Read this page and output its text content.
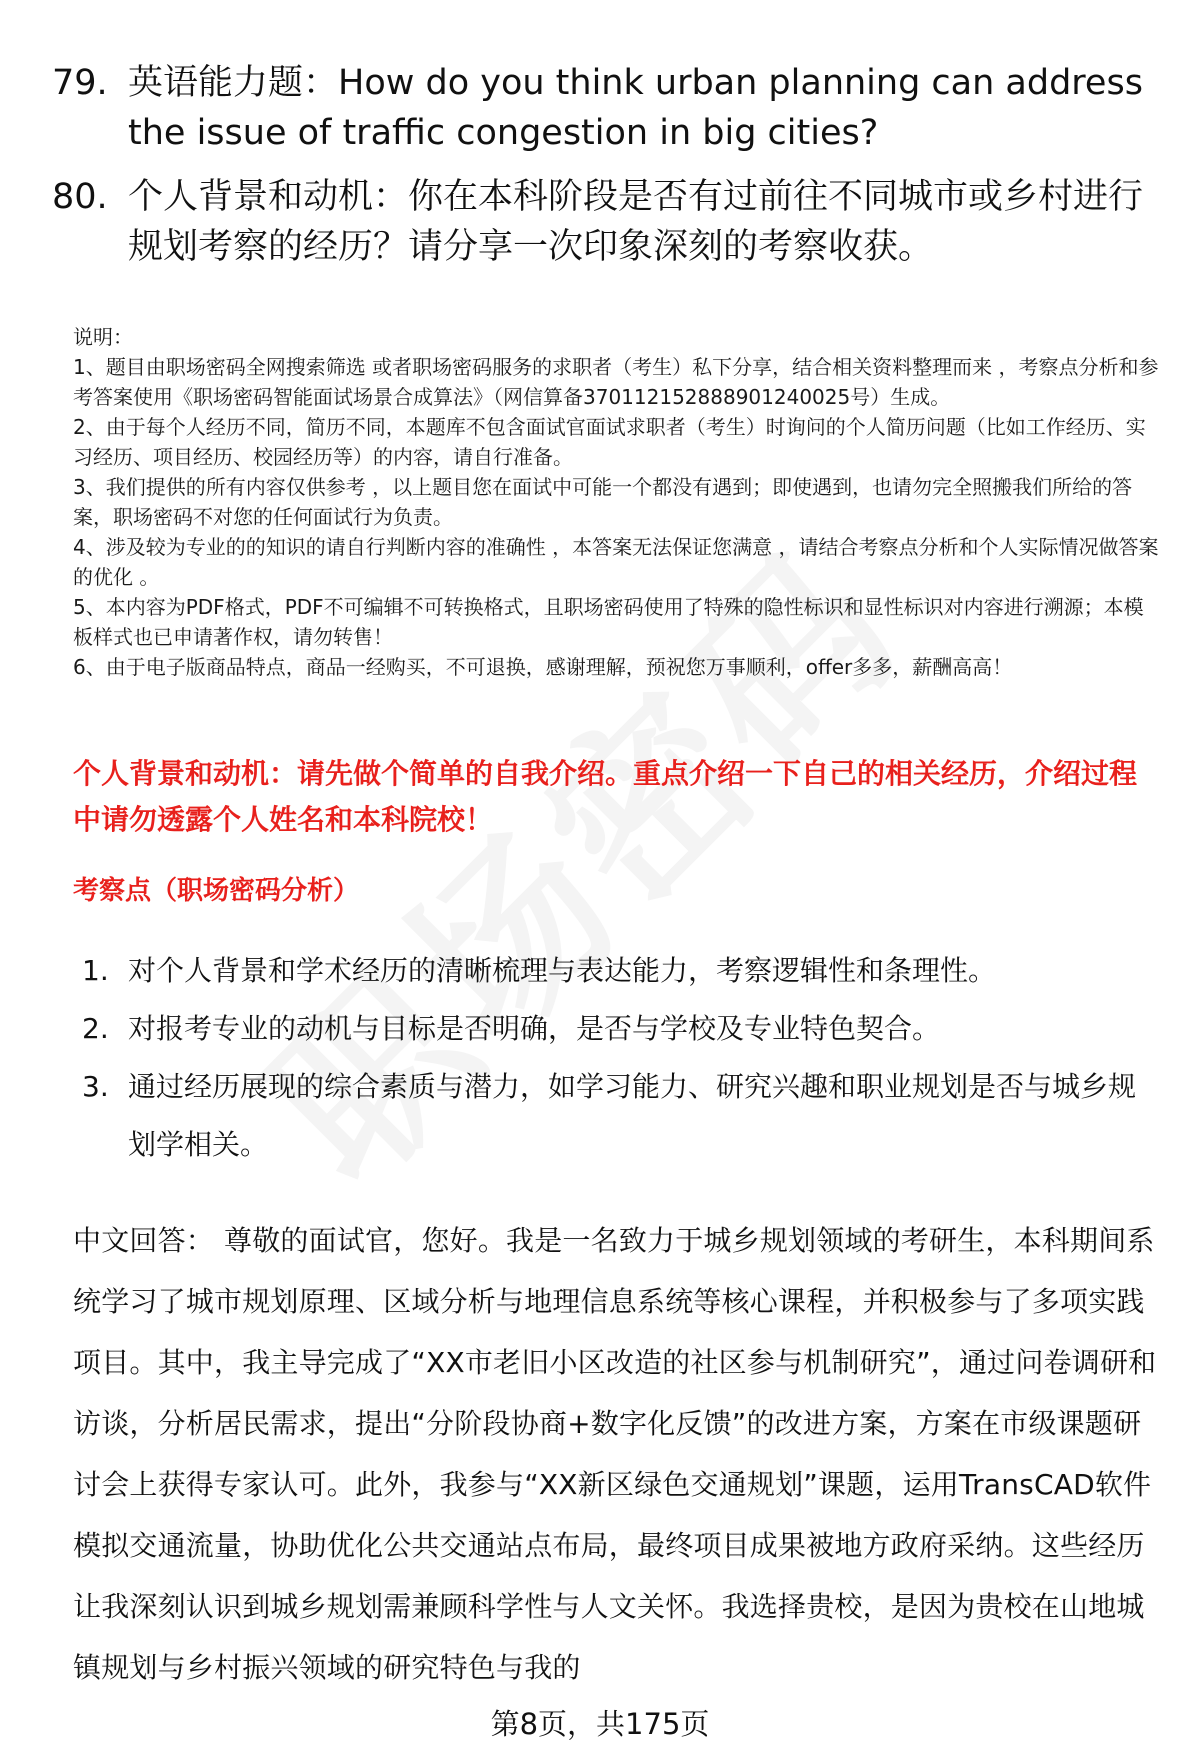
79. 英语能力题：How do you think urban planning can address the issue of traffic congestion in big cities?
80. 个人背景和动机：你在本科阶段是否有过前往不同城市或乡村进行规划考察的经历？请分享一次印象深刻的考察收获。

说明：

1、题目由职场密码全网搜索筛选 或者职场密码服务的求职者（考生）私下分享，结合相关资料整理而来 ，考察点分析和参考答案使用《职场密码智能面试场景合成算法》（网信算备370112152888901240025号）生成。

2、由于每个人经历不同，简历不同，本题库不包含面试官面试求职者（考生）时询问的个人简历问题（比如工作经历、实习经历、项目经历、校园经历等）的内容，请自行准备。

3、我们提供的所有内容仅供参考 ，以上题目您在面试中可能一个都没有遇到；即使遇到，也请勿完全照搬我们所给的答案，职场密码不对您的任何面试行为负责。

4、涉及较为专业的的知识的请自行判断内容的准确性 ，本答案无法保证您满意 ，请结合考察点分析和个人实际情况做答案的优化 。

5、本内容为PDF格式，PDF不可编辑不可转换格式，且职场密码使用了特殊的隐性标识和显性标识对内容进行溯源；本模板样式也已申请著作权，请勿转售！

6、由于电子版商品特点，商品一经购买，不可退换，感谢理解，预祝您万事顺利，offer多多，薪酬高高！

个人背景和动机：请先做个简单的自我介绍。重点介绍一下自己的相关经历，介绍过程中请勿透露个人姓名和本科院校！
考察点（职场密码分析）
1. 对个人背景和学术经历的清晰梳理与表达能力，考察逻辑性和条理性。
2. 对报考专业的动机与目标是否明确，是否与学校及专业特色契合。
3. 通过经历展现的综合素质与潜力，如学习能力、研究兴趣和职业规划是否与城乡规划学相关。
中文回答： 尊敬的面试官，您好。我是一名致力于城乡规划领域的考研生，本科期间系统学习了城市规划原理、区域分析与地理信息系统等核心课程，并积极参与了多项实践项目。其中，我主导完成了“XX市老旧小区改造的社区参与机制研究”，通过问卷调研和访谈，分析居民需求，提出“分阶段协商+数字化反馈”的改进方案，方案在市级课题研讨会上获得专家认可。此外，我参与“XX新区绿色交通规划”课题，运用TransCAD软件模拟交通流量，协助优化公共交通站点布局，最终项目成果被地方政府采纳。这些经历让我深刻认识到城乡规划需兼顾科学性与人文关怀。我选择贵校，是因为贵校在山地城镇规划与乡村振兴领域的研究特色与我的
第8页，共175页
